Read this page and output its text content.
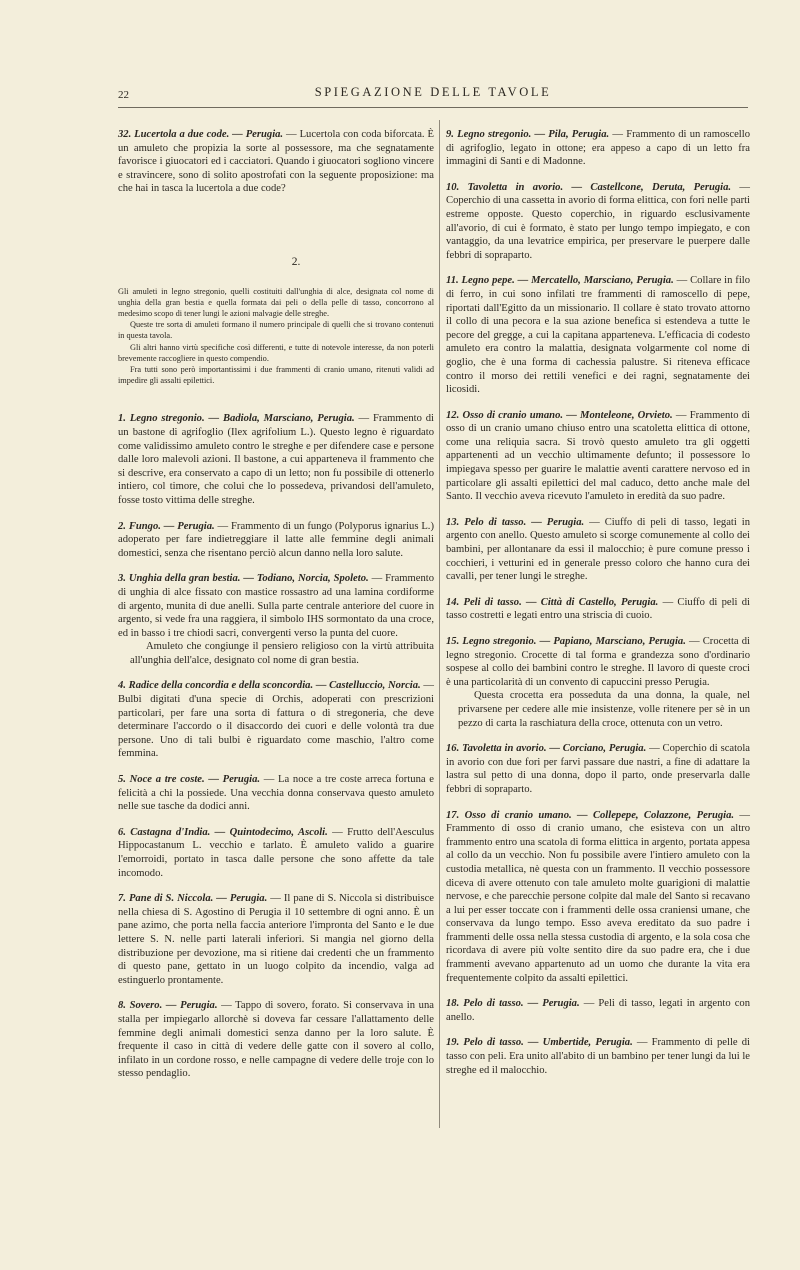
22	SPIEGAZIONE DELLE TAVOLE

32. Lucertola a due code. — Perugia. — Lucertola con coda biforcata. È un amuleto che propizia la sorte al possessore, ma che segnatamente favorisce i giuocatori ed i cacciatori. Quando i giuocatori sogliono vincere e stravincere, sono di solito apostrofati con la seguente proposizione: ma che hai in tasca la lucertola a due code?

2.

Gli amuleti in legno stregonio, quelli costituiti dall'unghia di alce, designata col nome di unghia della gran bestia e quella formata dai peli o della pelle di tasso, concorrono al medesimo scopo di tener lungi le azioni malvagie delle streghe.

Queste tre sorta di amuleti formano il numero principale di quelli che si trovano contenuti in questa tavola.

Gli altri hanno virtù specifiche così differenti, e tutte di notevole interesse, da non poterli brevemente raccogliere in questo compendio.

Fra tutti sono però importantissimi i due frammenti di cranio umano, ritenuti validi ad impedire gli assalti epilettici.

1. Legno stregonio. — Badiola, Marsciano, Perugia. — Frammento di un bastone di agrifoglio (Ilex agrifolium L.). Questo legno è riguardato come validissimo amuleto contro le streghe e per difendere case e persone dalle loro malevoli azioni. Il bastone, a cui apparteneva il frammento che si descrive, era conservato a capo di un letto; non fu possibile di ottenerlo intiero, col timore, che colui che lo possedeva, privandosi dell'amuleto, fosse tosto vittima delle streghe.

2. Fungo. — Perugia. — Frammento di un fungo (Polyporus ignarius L.) adoperato per fare indietreggiare il latte alle femmine degli animali domestici, senza che risentano perciò alcun danno nella loro salute.

3. Unghia della gran bestia. — Todiano, Norcia, Spoleto. — Frammento di unghia di alce fissato con mastice rossastro ad una lamina cordiforme di argento, munita di due anelli. Sulla parte centrale anteriore del cuore in argento, si vede fra una raggiera, il simbolo IHS sormontato da una croce, ed in basso i tre chiodi sacri, convergenti verso la punta del cuore.

Amuleto che congiunge il pensiero religioso con la virtù attribuita all'unghia dell'alce, designato col nome di gran bestia.

4. Radice della concordia e della sconcordia. — Castelluccio, Norcia. — Bulbi digitati d'una specie di Orchis, adoperati con prescrizioni particolari, per fare una sorta di fattura o di stregoneria, che deve determinare l'accordo o il disaccordo dei cuori e delle volontà tra due persone. Uno di tali bulbi è riguardato come maschio, l'altro come femmina.

5. Noce a tre coste. — Perugia. — La noce a tre coste arreca fortuna e felicità a chi la possiede. Una vecchia donna conservava questo amuleto nelle sue tasche da dodici anni.

6. Castagna d'India. — Quintodecimo, Ascoli. — Frutto dell'Aesculus Hippocastanum L. vecchio e tarlato. È amuleto valido a guarire l'emorroidi, portato in tasca dalle persone che sono affette da tale incomodo.

7. Pane di S. Niccola. — Perugia. — Il pane di S. Niccola si distribuisce nella chiesa di S. Agostino di Perugia il 10 settembre di ogni anno. È un pane azimo, che porta nella faccia anteriore l'impronta del Santo e le due lettere S. N. nelle parti laterali inferiori. Si mangia nel giorno della distribuzione per devozione, ma si ritiene dai credenti che un frammento di questo pane, gettato in un luogo colpito da incendio, valga ad estinguerlo prontamente.

8. Sovero. — Perugia. — Tappo di sovero, forato. Si conservava in una stalla per impiegarlo allorchè si doveva far cessare l'allattamento delle femmine degli animali domestici senza danno per la loro salute. È frequente il caso in città di vedere delle gatte con il sovero al collo, infilato in un cordone rosso, e nelle campagne di vedere delle troje con lo stesso pendaglio.

9. Legno stregonio. — Pila, Perugia. — Frammento di un ramoscello di agrifoglio, legato in ottone; era appeso a capo di un letto fra immagini di Santi e di Madonne.

10. Tavoletta in avorio. — Castellcone, Deruta, Perugia. — Coperchio di una cassetta in avorio di forma elittica, con fori nelle parti estreme opposte. Questo coperchio, in riguardo esclusivamente all'avorio, di cui è formato, è stato per lungo tempo impiegato, e con vantaggio, da una levatrice empirica, per preservare le puerpere dalle febbri di sopraparto.

11. Legno pepe. — Mercatello, Marsciano, Perugia. — Collare in filo di ferro, in cui sono infilati tre frammenti di ramoscello di pepe, riportati dall'Egitto da un missionario. Il collare è stato trovato attorno il collo di una pecora e la sua azione benefica si estendeva a tutte le pecore del gregge, a cui la capitana apparteneva. L'efficacia di codesto amuleto era contro la malattia, designata volgarmente col nome di goglio, che è una forma di cachessia palustre. Si riteneva efficace contro il morso dei rettili venefici e dei ragni, segnatamente dei licosidi.

12. Osso di cranio umano. — Monteleone, Orvieto. — Frammento di osso di un cranio umano chiuso entro una scatoletta elittica di ottone, come una reliquia sacra. Si trovò questo amuleto tra gli oggetti appartenenti ad un vecchio ultimamente defunto; il possessore lo impiegava spesso per guarire le malattie aventi carattere nervoso ed in particolare gli assalti epilettici del mal caduco, detto anche male del Santo. Il vecchio aveva ricevuto l'amuleto in eredità da suo padre.

13. Pelo di tasso. — Perugia. — Ciuffo di peli di tasso, legati in argento con anello. Questo amuleto si scorge comunemente al collo dei bambini, per allontanare da essi il malocchio; è pure comune presso i cocchieri, i vetturini ed in generale presso coloro che hanno cura dei cavalli, per tener lungi le streghe.

14. Peli di tasso. — Città di Castello, Perugia. — Ciuffo di peli di tasso costretti e legati entro una striscia di cuoio.

15. Legno stregonio. — Papiano, Marsciano, Perugia. — Crocetta di legno stregonio. Crocette di tal forma e grandezza sono d'ordinario sospese al collo dei bambini contro le streghe. Il lavoro di queste croci è una particolarità di un convento di capuccini presso Perugia.

Questa crocetta era posseduta da una donna, la quale, nel privarsene per cedere alle mie insistenze, volle ritenere per sè in un pezzo di carta la raschiatura della croce, ottenuta con un vetro.

16. Tavoletta in avorio. — Corciano, Perugia. — Coperchio di scatola in avorio con due fori per farvi passare due nastri, a fine di adattare la lastra sul petto di una donna, dopo il parto, onde preservarla dalle febbri di sopraparto.

17. Osso di cranio umano. — Collepepe, Colazzone, Perugia. — Frammento di osso di cranio umano, che esisteva con un altro frammento entro una scatola di forma elittica in argento, portata appesa al collo da un vecchio. Non fu possibile avere l'intiero amuleto con la custodia metallica, nè questa con un frammento. Il vecchio possessore diceva di avere ottenuto con tale amuleto molte guarigioni di malattie nervose, e che parecchie persone colpite dal male del Santo si recavano a lui per esser toccate con i frammenti delle ossa craniensi umane, che conservava da lungo tempo. Esso aveva ereditato da suo padre i frammenti delle ossa nella stessa custodia di argento, e la sola cosa che ricordava di avere più volte sentito dire da suo padre era, che i due frammenti avevano appartenuto ad un uomo che durante la vita era frequentemente colpito da assalti epilettici.

18. Pelo di tasso. — Perugia. — Peli di tasso, legati in argento con anello.

19. Pelo di tasso. — Umbertide, Perugia. — Frammento di pelle di tasso con peli. Era unito all'abito di un bambino per tener lungi da lui le streghe ed il malocchio.
